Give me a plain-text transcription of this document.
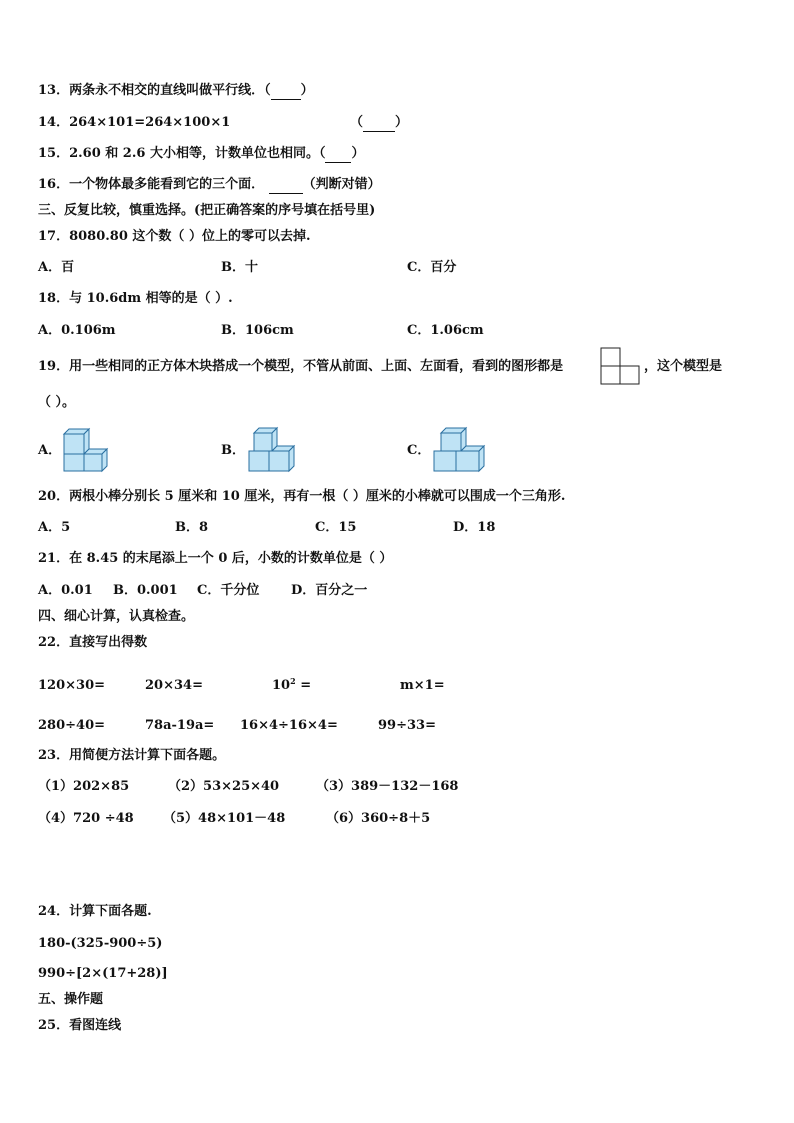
13．两条永不相交的直线叫做平行线．（ ）
14．264×101=264×100×1	（ ）
15．2.60 和 2.6 大小相等，计数单位也相同。（ ）
16．一个物体最多能看到它的三个面．	（判断对错）
三、反复比较，慎重选择。(把正确答案的序号填在括号里)
17．8080.80 这个数（ ）位上的零可以去掉.
A．百	B．十	C．百分
18．与 10.6dm 相等的是（ ）.
A．0.106m	B．106cm	C．1.06cm
19．用一些相同的正方体木块搭成一个模型，不管从前面、上面、左面看，看到的图形都是	，这个模型是
（ ）。
A．	B．	C．
20．两根小棒分别长 5 厘米和 10 厘米，再有一根（ ）厘米的小棒就可以围成一个三角形.
A．5	B．8	C．15	D．18
21．在 8.45 的末尾添上一个 0 后，小数的计数单位是（ ）
A．0.01 B．0.001 C．千分位 D．百分之一
四、细心计算，认真检查。
22．直接写出得数
120×30=	20×34=	$10^2$ =	m×1=
280÷40=	78a-19a= 16×4÷16×4=	99÷33=
23．用简便方法计算下面各题。
（1）202×85	（2）53×25×40	（3）389－132－168
（4）720 ÷48 （5）48×101－48	（6）360÷8＋5
24．计算下面各题.
180-(325-900÷5)
990÷[2×(17+28)]
五、操作题
25．看图连线
